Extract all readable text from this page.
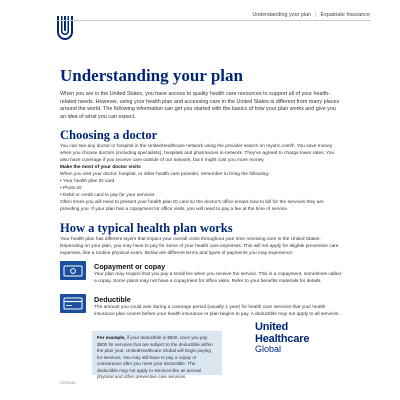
Understanding your plan | Expatriate Insurance
Understanding your plan

When you are in the United States, you have access to quality health care resources to support all of your health-related needs. However, using your health plan and accessing care in the United States is different from many places around the world. The following information can get you started with the basics of how your plan works and give you an idea of what you can expect.

Choosing a doctor

You can see any doctor or hospital in the UnitedHealthcare network using the provider search on myuhc.com®. You save money when you choose doctors (including specialists), hospitals and pharmacies in-network. They've agreed to charge lower rates. You also have coverage if you receive care outside of our network, but it might cost you more money.

Make the most of your doctor visits

When you visit your doctor, hospital, or other health care provider, remember to bring the following:

• Your health plan ID card
• Photo ID
• Debit or credit card to pay for your services

Often times you will need to present your health plan ID card so the doctor's office knows how to bill for the services they are providing you. If your plan has a copayment for office visits, you will need to pay a fee at the time of service.

How a typical health plan works

Your health plan has different layers that impact your overall costs throughout your time receiving care in the United States. Depending on your plan, you may have to pay for some of your health care expenses. This will not apply for eligible preventive care expenses, like a routine physical exam. Below are different terms and types of payments you may experience:

Copayment or copay

Your plan may require that you pay a small fee when you receive the service. This is a copayment, sometimes called a copay. Some plans may not have a copayment for office visits. Refer to your benefits materials for details.

Deductible

The amount you could owe during a coverage period (usually 1 year) for health care services that your health insurance plan covers before your health insurance or plan begins to pay. A deductible may not apply to all services.

For example, if your deductible is $500, once you pay $500 for services that are subject to the deductible within the plan year, UnitedHealthcare Global will begin paying for services. You may still have to pay a copay or coinsurance after you meet your deductible. The deductible may not apply to services like an annual physical and other preventive care services.
United
Healthcare
Global
UHT0146
